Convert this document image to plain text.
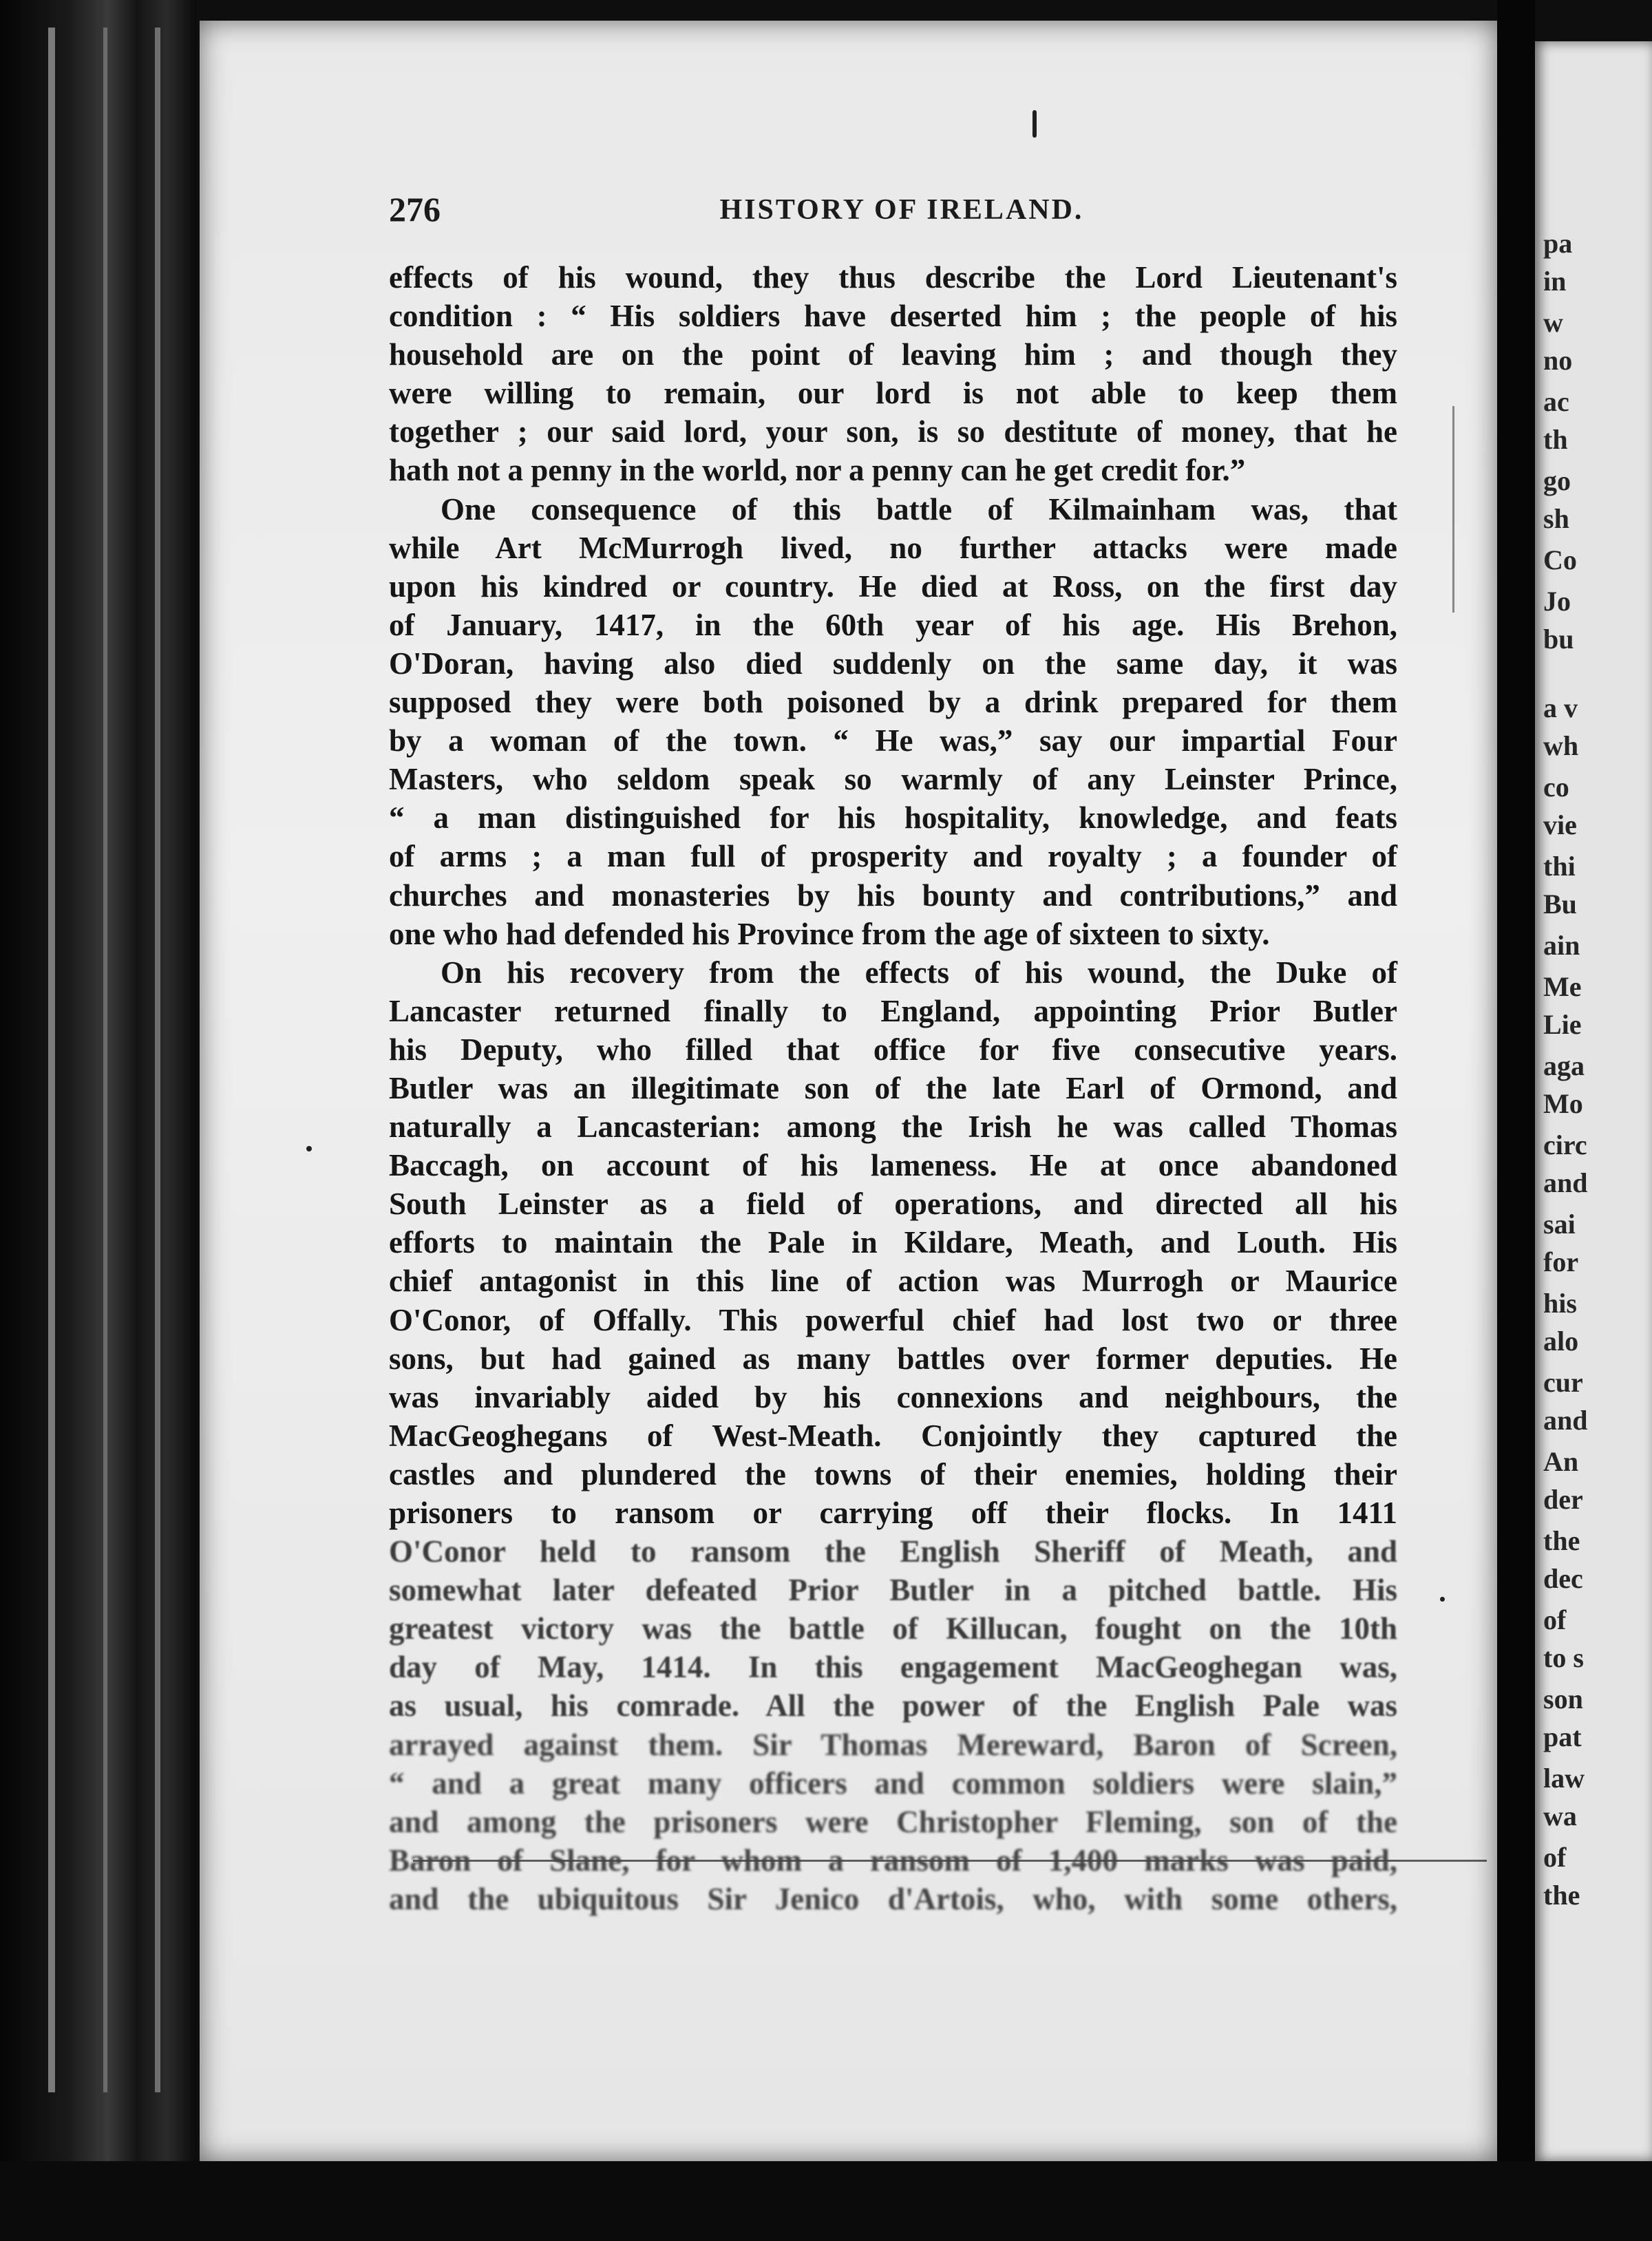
pa
in
w
no
ac
th
go
sh
Co
Jo
bu
a v
wh
co
vie
thi
Bu
ain
Me
Lie
aga
Mo
circ
and
sai
for
his
alo
cur
and
An
der
the
dec
of
to s
son
pat
law
wa
of
the
276	HISTORY OF IRELAND.
effects of his wound, they thus describe the Lord Lieutenant's
condition : “ His soldiers have deserted him ; the people of his
household are on the point of leaving him ; and though they
were willing to remain, our lord is not able to keep them
together ; our said lord, your son, is so destitute of money, that he
hath not a penny in the world, nor a penny can he get credit for.”
One consequence of this battle of Kilmainham was, that
while Art McMurrogh lived, no further attacks were made
upon his kindred or country. He died at Ross, on the first day
of January, 1417, in the 60th year of his age. His Brehon,
O'Doran, having also died suddenly on the same day, it was
supposed they were both poisoned by a drink prepared for them
by a woman of the town. “ He was,” say our impartial Four
Masters, who seldom speak so warmly of any Leinster Prince,
“ a man distinguished for his hospitality, knowledge, and feats
of arms ; a man full of prosperity and royalty ; a founder of
churches and monasteries by his bounty and contributions,” and
one who had defended his Province from the age of sixteen to sixty.
On his recovery from the effects of his wound, the Duke of
Lancaster returned finally to England, appointing Prior Butler
his Deputy, who filled that office for five consecutive years.
Butler was an illegitimate son of the late Earl of Ormond, and
naturally a Lancasterian: among the Irish he was called Thomas
Baccagh, on account of his lameness. He at once abandoned
South Leinster as a field of operations, and directed all his
efforts to maintain the Pale in Kildare, Meath, and Louth. His
chief antagonist in this line of action was Murrogh or Maurice
O'Conor, of Offally. This powerful chief had lost two or three
sons, but had gained as many battles over former deputies. He
was invariably aided by his connexions and neighbours, the
MacGeoghegans of West-Meath. Conjointly they captured the
castles and plundered the towns of their enemies, holding their
prisoners to ransom or carrying off their flocks. In 1411
O'Conor held to ransom the English Sheriff of Meath, and
somewhat later defeated Prior Butler in a pitched battle. His
greatest victory was the battle of Killucan, fought on the 10th
day of May, 1414. In this engagement MacGeoghegan was,
as usual, his comrade. All the power of the English Pale was
arrayed against them. Sir Thomas Mereward, Baron of Screen,
“ and a great many officers and common soldiers were slain,”
and among the prisoners were Christopher Fleming, son of the
Baron of Slane, for whom a ransom of 1,400 marks was paid,
and the ubiquitous Sir Jenico d'Artois, who, with some others,
